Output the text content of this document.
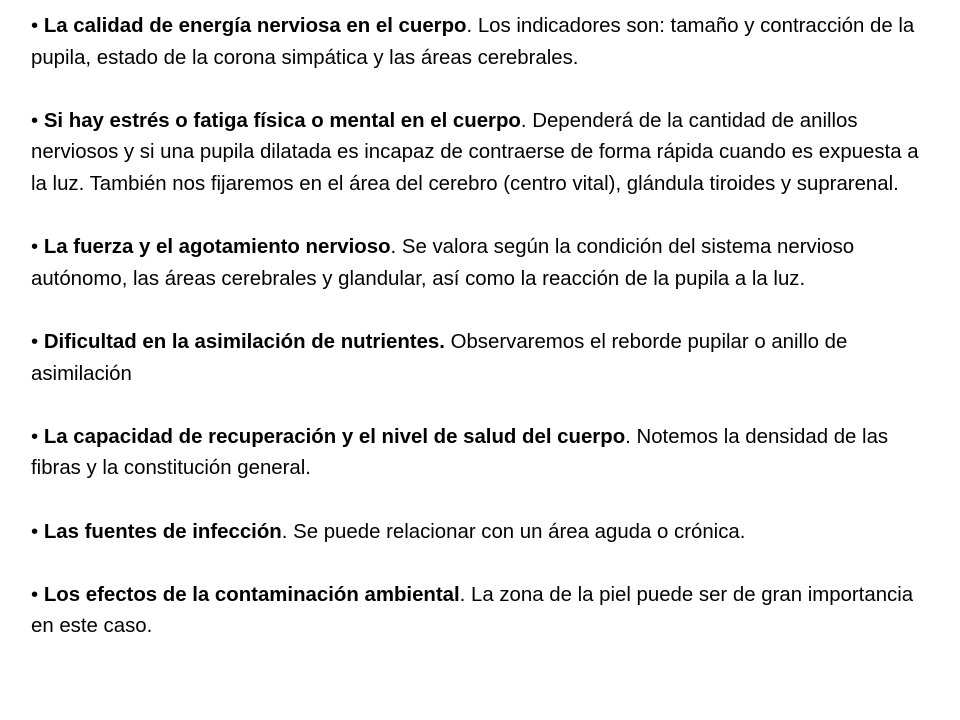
• La calidad de energía nerviosa en el cuerpo. Los indicadores son: tamaño y contracción de la pupila, estado de la corona simpática y las áreas cerebrales.

• Si hay estrés o fatiga física o mental en el cuerpo. Dependerá de la cantidad de anillos nerviosos y si una pupila dilatada es incapaz de contraerse de forma rápida cuando es expuesta a la luz. También nos fijaremos en el área del cerebro (centro vital), glándula tiroides y suprarenal.

• La fuerza y el agotamiento nervioso. Se valora según la condición del sistema nervioso autónomo, las áreas cerebrales y glandular, así como la reacción de la pupila a la luz.

• Dificultad en la asimilación de nutrientes. Observaremos el reborde pupilar o anillo de asimilación

• La capacidad de recuperación y el nivel de salud del cuerpo. Notemos la densidad de las fibras y la constitución general.

• Las fuentes de infección. Se puede relacionar con un área aguda o crónica.

• Los efectos de la contaminación ambiental. La zona de la piel puede ser de gran importancia en este caso.
